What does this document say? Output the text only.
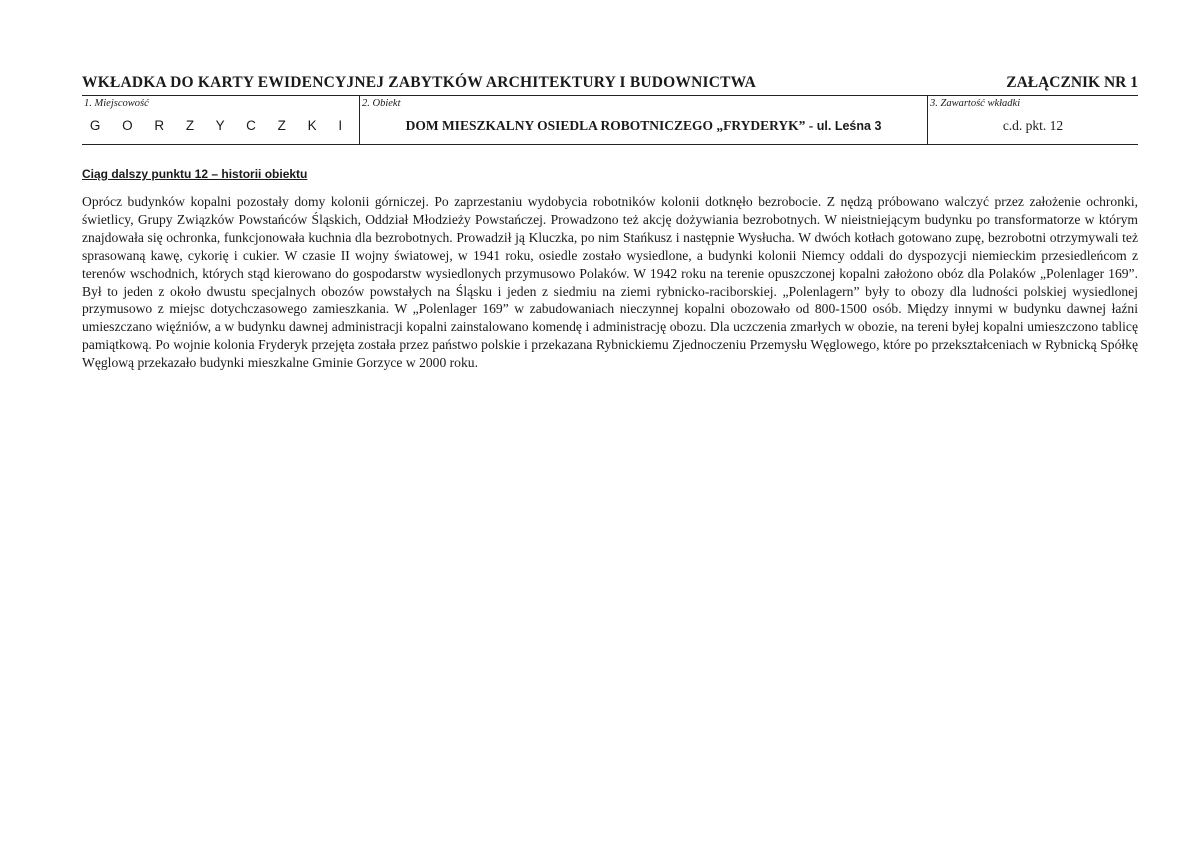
WKŁADKA DO KARTY EWIDENCYJNEJ ZABYTKÓW ARCHITEKTURY I BUDOWNICTWA	ZAŁĄCZNIK NR 1
1. Miejscowość
G O R Z Y C Z K I
2. Obiekt
DOM MIESZKALNY OSIEDLA ROBOTNICZEGO „FRYDERYK” - ul. Leśna 3
3. Zawartość wkładki
c.d. pkt. 12
Ciąg dalszy punktu 12 – historii obiektu
Oprócz budynków kopalni pozostały domy kolonii górniczej. Po zaprzestaniu wydobycia robotników kolonii dotknęło bezrobocie. Z nędzą próbowano walczyć przez założenie ochronki, świetlicy, Grupy Związków Powstańców Śląskich, Oddział Młodzieży Powstańczej. Prowadzono też akcję dożywiania bezrobotnych. W nieistniejącym budynku po transformatorze w którym znajdowała się ochronka, funkcjonowała kuchnia dla bezrobotnych. Prowadził ją Kluczka, po nim Stańkusz i następnie Wysłucha. W dwóch kotłach gotowano zupę, bezrobotni otrzymywali też sprasowaną kawę, cykorię i cukier. W czasie II wojny światowej, w 1941 roku, osiedle zostało wysiedlone, a budynki kolonii Niemcy oddali do dyspozycji niemieckim przesiedleńcom z terenów wschodnich, których stąd kierowano do gospodarstw wysiedlonych przymusowo Polaków. W 1942 roku na terenie opuszczonej kopalni założono obóz dla Polaków „Polenlager 169”. Był to jeden z około dwustu specjalnych obozów powstałych na Śląsku i jeden z siedmiu na ziemi rybnicko-raciborskiej. „Polenlagern” były to obozy dla ludności polskiej wysiedlonej przymusowo z miejsc dotychczasowego zamieszkania. W „Polenlager 169” w zabudowaniach nieczynnej kopalni obozowało od 800-1500 osób. Między innymi w budynku dawnej łaźni umieszczano więźniów, a w budynku dawnej administracji kopalni zainstalowano komendę i administrację obozu. Dla uczczenia zmarłych w obozie, na tereni byłej kopalni umieszczono tablicę pamiątkową. Po wojnie kolonia Fryderyk przejęta została przez państwo polskie i przekazana Rybnickiemu Zjednoczeniu Przemysłu Węglowego, które po przekształceniach w Rybnicką Spółkę Węglową przekazało budynki mieszkalne Gminie Gorzyce w 2000 roku.
